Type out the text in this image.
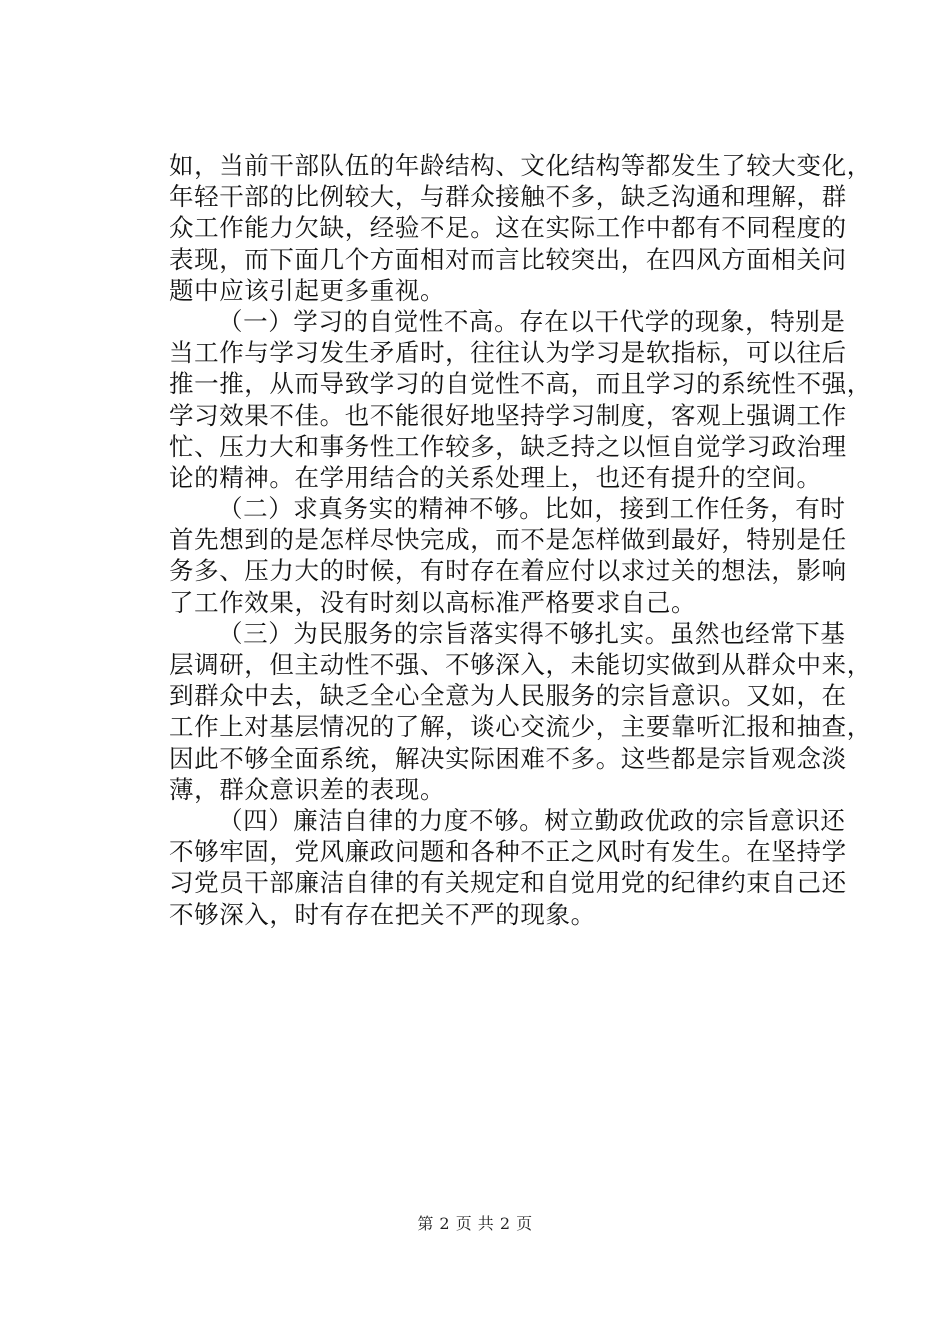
如，当前干部队伍的年龄结构、文化结构等都发生了较大变化，
年轻干部的比例较大，与群众接触不多，缺乏沟通和理解，群
众工作能力欠缺，经验不足。这在实际工作中都有不同程度的
表现，而下面几个方面相对而言比较突出，在四风方面相关问
题中应该引起更多重视。
（一）学习的自觉性不高。存在以干代学的现象，特别是
当工作与学习发生矛盾时，往往认为学习是软指标，可以往后
推一推，从而导致学习的自觉性不高，而且学习的系统性不强，
学习效果不佳。也不能很好地坚持学习制度，客观上强调工作
忙、压力大和事务性工作较多，缺乏持之以恒自觉学习政治理
论的精神。在学用结合的关系处理上，也还有提升的空间。
（二）求真务实的精神不够。比如，接到工作任务，有时
首先想到的是怎样尽快完成，而不是怎样做到最好，特别是任
务多、压力大的时候，有时存在着应付以求过关的想法，影响
了工作效果，没有时刻以高标准严格要求自己。
（三）为民服务的宗旨落实得不够扎实。虽然也经常下基
层调研，但主动性不强、不够深入，未能切实做到从群众中来，
到群众中去，缺乏全心全意为人民服务的宗旨意识。又如，在
工作上对基层情况的了解，谈心交流少，主要靠听汇报和抽查，
因此不够全面系统，解决实际困难不多。这些都是宗旨观念淡
薄，群众意识差的表现。
（四）廉洁自律的力度不够。树立勤政优政的宗旨意识还
不够牢固，党风廉政问题和各种不正之风时有发生。在坚持学
习党员干部廉洁自律的有关规定和自觉用党的纪律约束自己还
不够深入，时有存在把关不严的现象。
第 2 页 共 2 页
